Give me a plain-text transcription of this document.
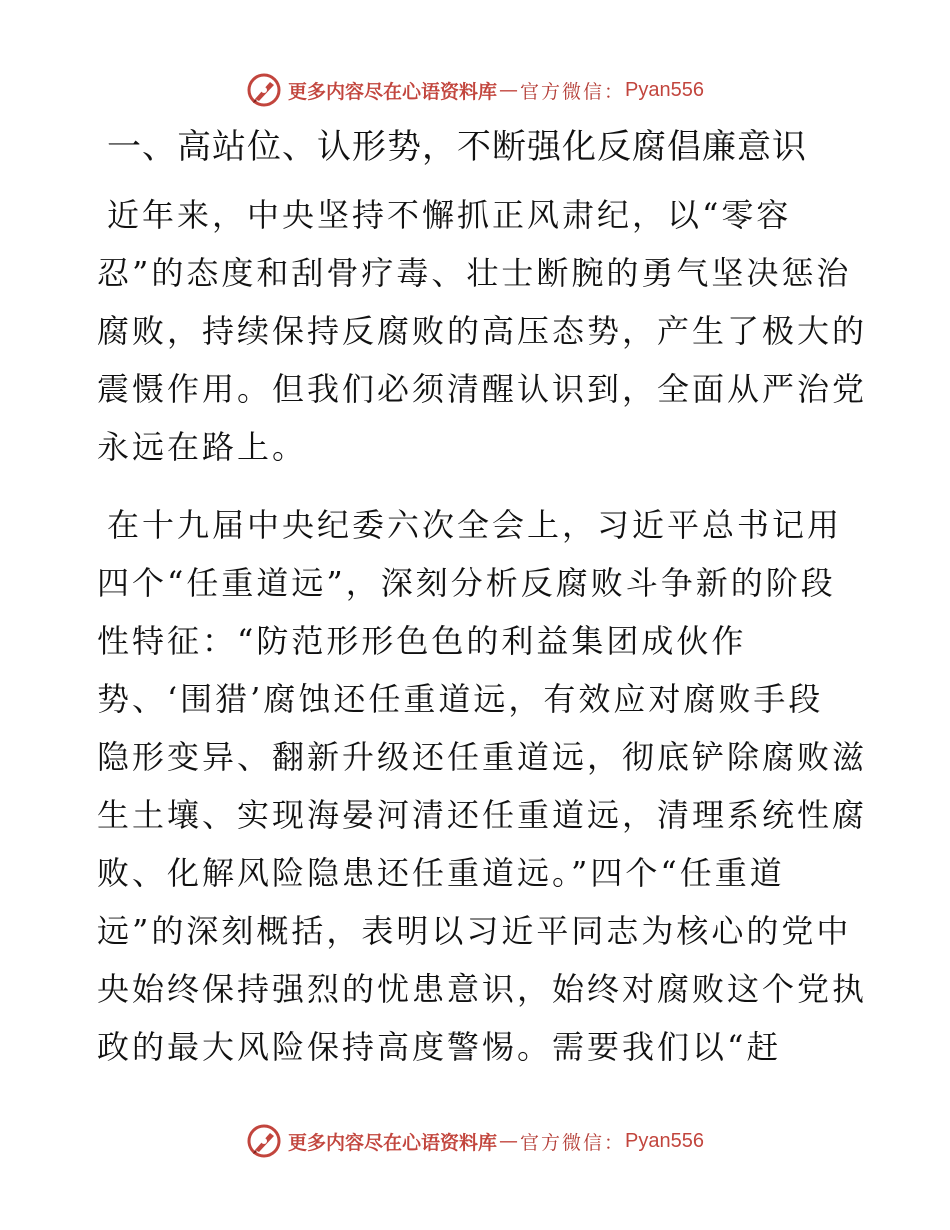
更多内容尽在心语资料库 — 官方微信： Pyan556
一、高站位、认形势，不断强化反腐倡廉意识
近年来，中央坚持不懈抓正风肃纪，以“零容
忍”的态度和刮骨疗毒、壮士断腕的勇气坚决惩治
腐败，持续保持反腐败的高压态势，产生了极大的
震慑作用。但我们必须清醒认识到，全面从严治党
永远在路上。
在十九届中央纪委六次全会上，习近平总书记用
四个“任重道远”，深刻分析反腐败斗争新的阶段
性特征：“防范形形色色的利益集团成伙作
势、‘围猎’腐蚀还任重道远，有效应对腐败手段
隐形变异、翻新升级还任重道远，彻底铲除腐败滋
生土壤、实现海晏河清还任重道远，清理系统性腐
败、化解风险隐患还任重道远。”四个“任重道
远”的深刻概括，表明以习近平同志为核心的党中
央始终保持强烈的忧患意识，始终对腐败这个党执
政的最大风险保持高度警惕。需要我们以“赶
更多内容尽在心语资料库 — 官方微信： Pyan556
